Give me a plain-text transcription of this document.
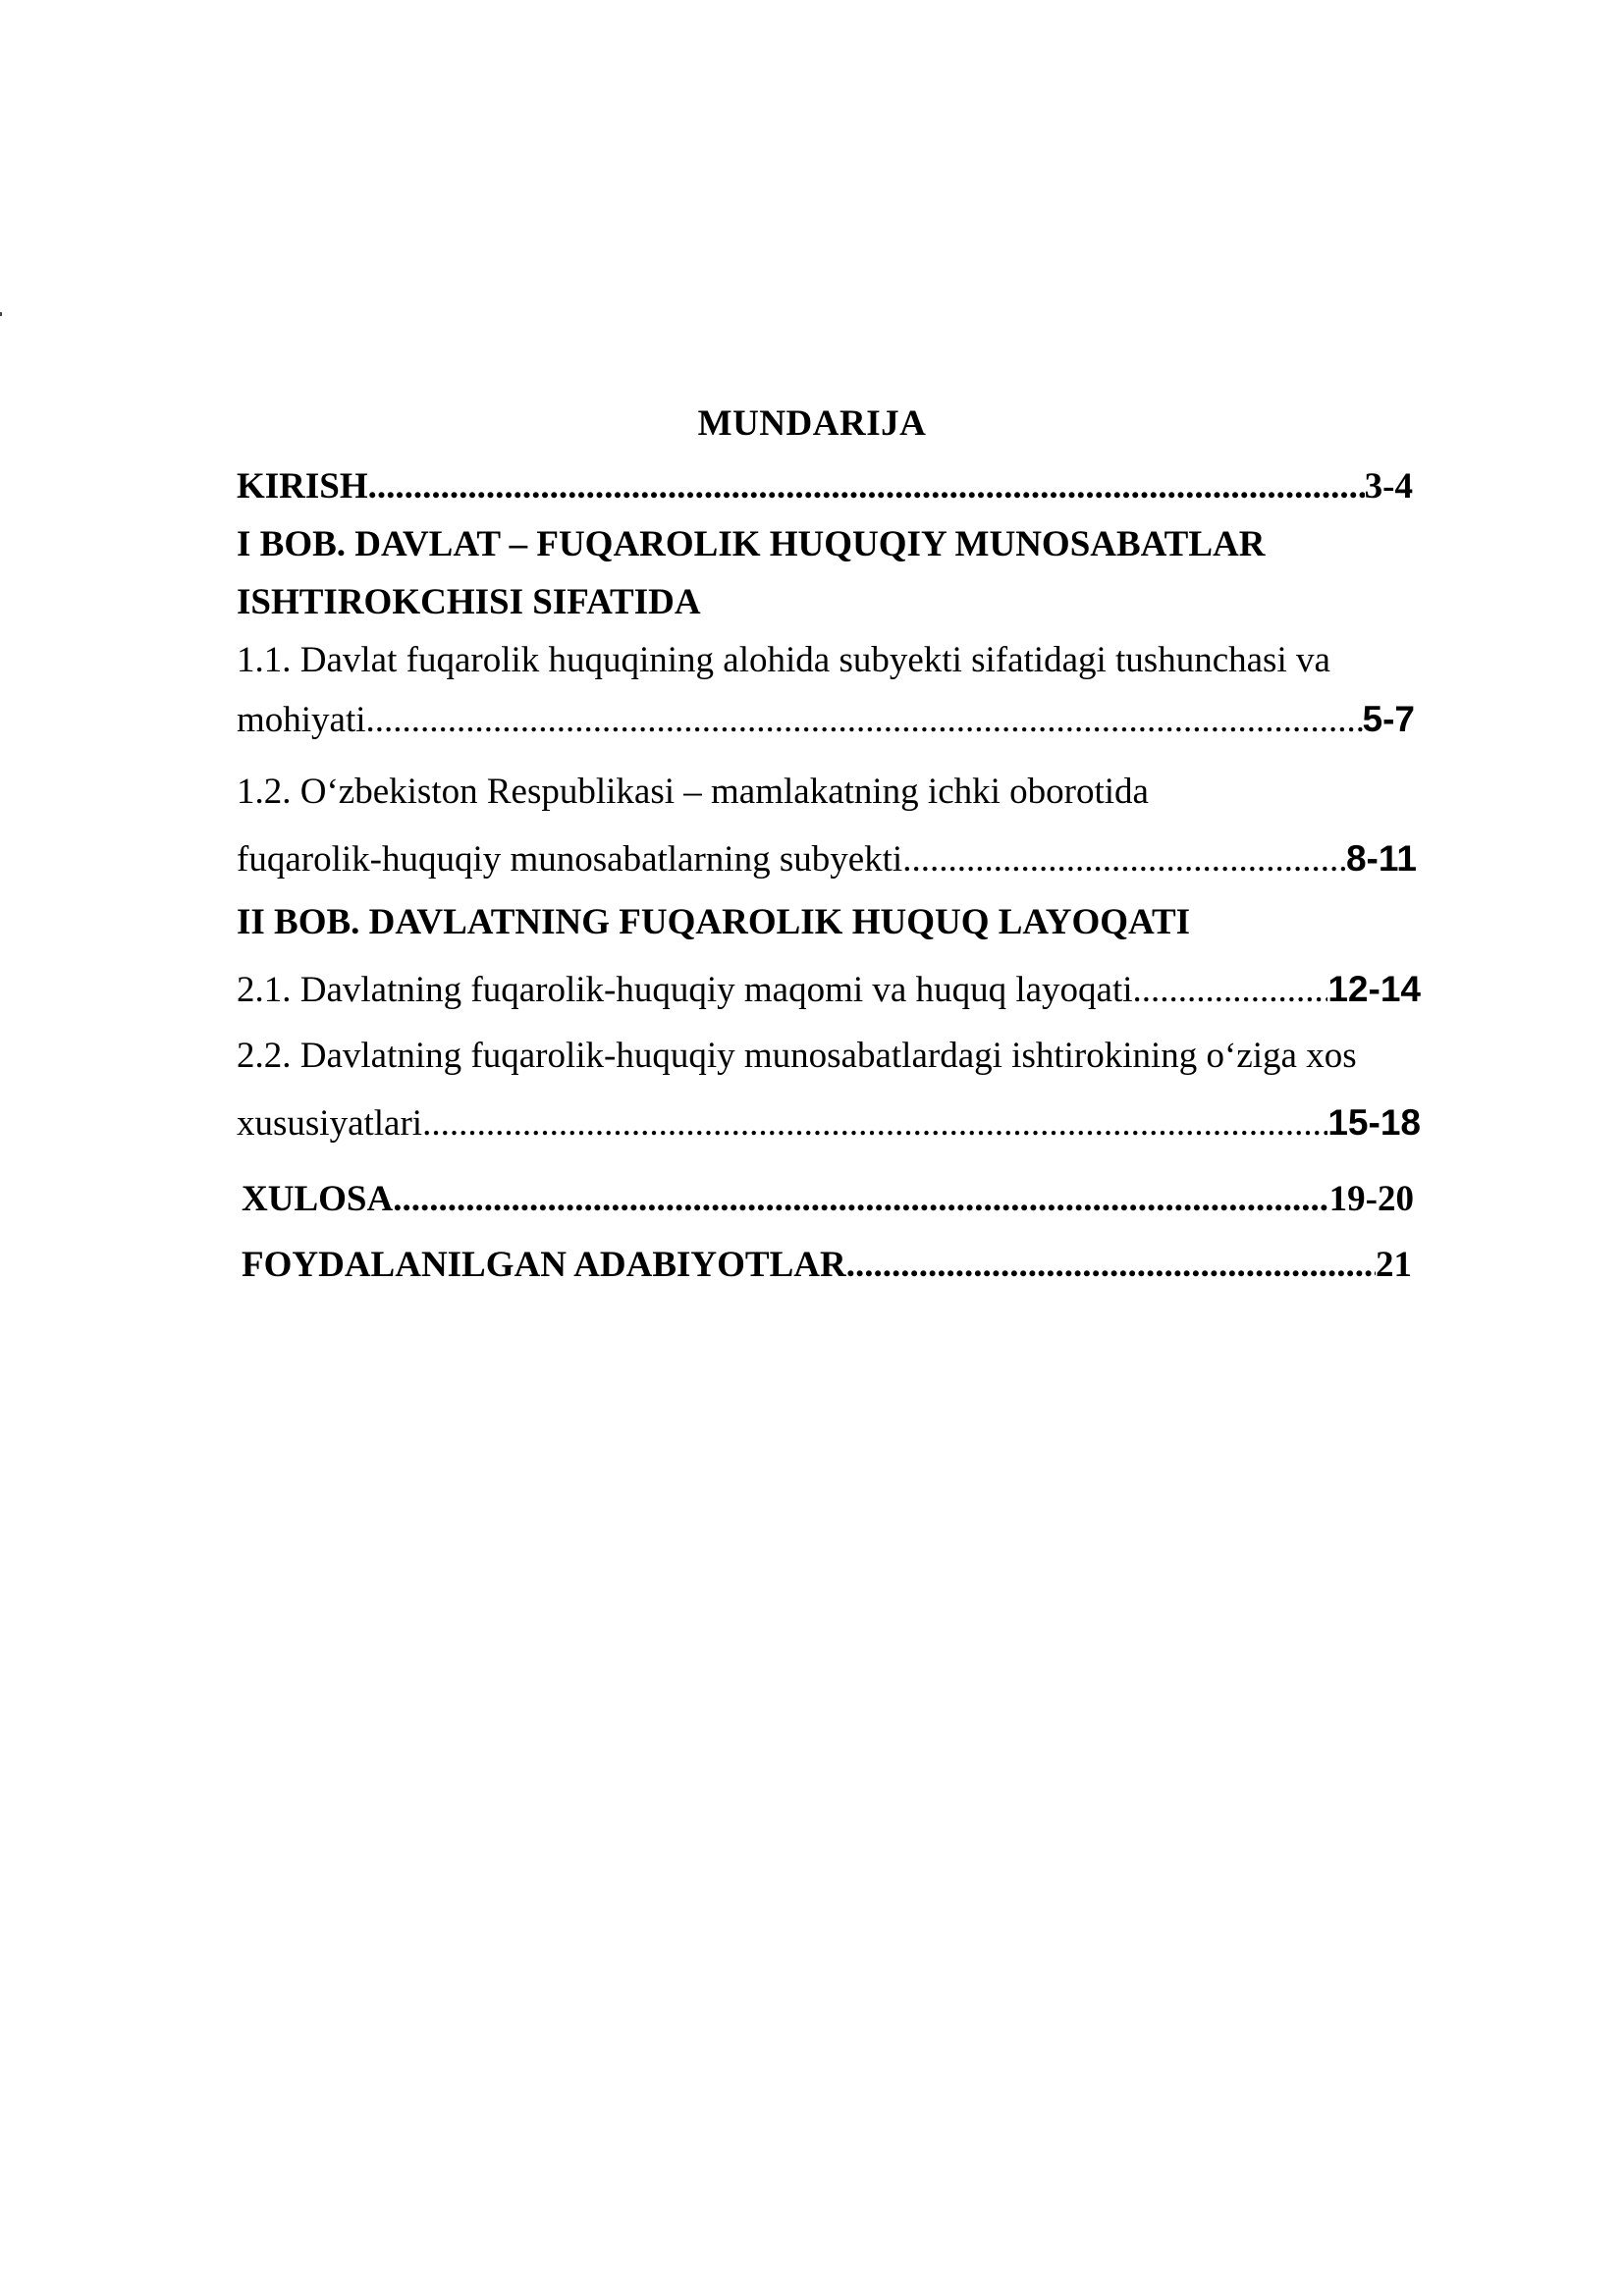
MUNDARIJA
KIRISH .....	3-4
I BOB. DAVLAT – FUQAROLIK HUQUQIY MUNOSABATLAR
ISHTIROKCHISI SIFATIDA
1.1. Davlat fuqarolik huquqining alohida subyekti sifatidagi tushunchasi va
mohiyati .....	5-7
1.2. O‘zbekiston Respublikasi – mamlakatning ichki oborotida
fuqarolik-huquqiy munosabatlarning subyekti .....	8-11
II BOB. DAVLATNING FUQAROLIK HUQUQ LAYOQATI
2.1. Davlatning fuqarolik-huquqiy maqomi va huquq layoqati .....	12-14
2.2. Davlatning fuqarolik-huquqiy munosabatlardagi ishtirokining o‘ziga xos
xususiyatlari .....	15-18
XULOSA .....	19-20
FOYDALANILGAN ADABIYOTLAR .....	21
